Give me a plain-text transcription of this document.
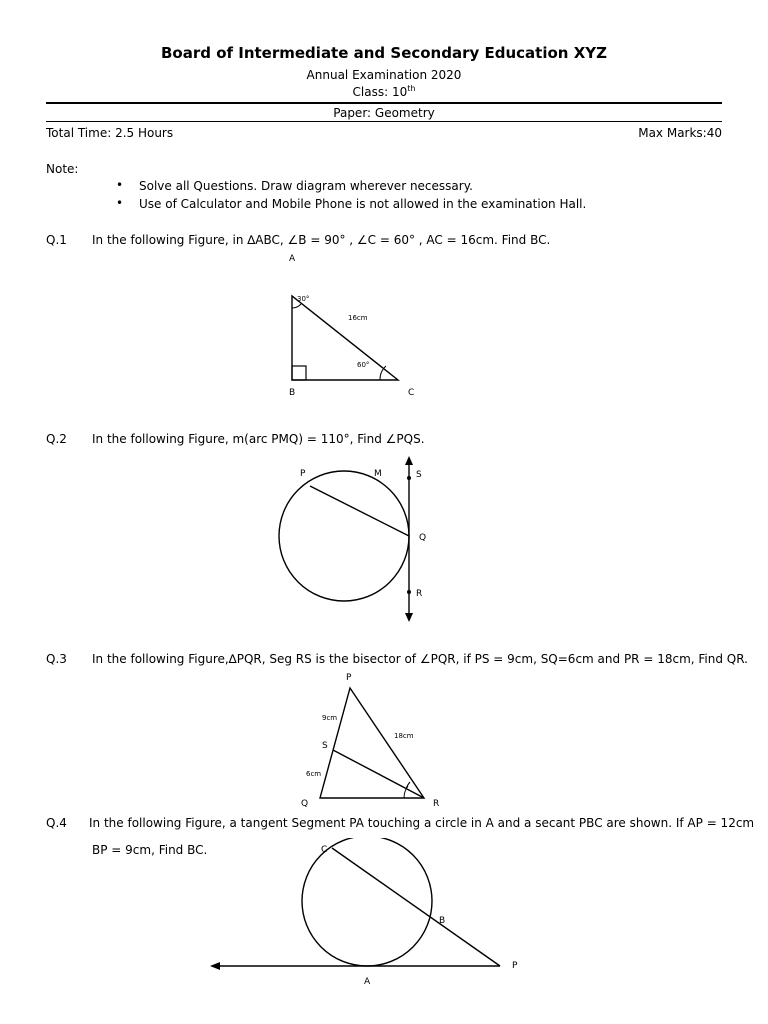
Board of Intermediate and Secondary Education XYZ
Annual Examination 2020
Class: 10th
Paper: Geometry
Total Time: 2.5 Hours	Max Marks:40
Note:
• Solve all Questions. Draw diagram wherever necessary.
• Use of Calculator and Mobile Phone is not allowed in the examination Hall.
Q.1 In the following Figure, in ∆ABC, ∠B = 90° , ∠C = 60° , AC = 16cm. Find BC.
A
B	C
30°
60°
16cm
Q.2 In the following Figure, m(arc PMQ) = 110°, Find ∠PQS.
P	M	S
Q
R
Q.3 In the following Figure,∆PQR, Seg RS is the bisector of ∠PQR, if PS = 9cm, SQ=6cm and PR = 18cm, Find QR.
P
S
Q	R
9cm
6cm
18cm
Q.4 In the following Figure, a tangent Segment PA touching a circle in A and a secant PBC are shown. If AP = 12cm
BP = 9cm, Find BC.	C
B
P
A
